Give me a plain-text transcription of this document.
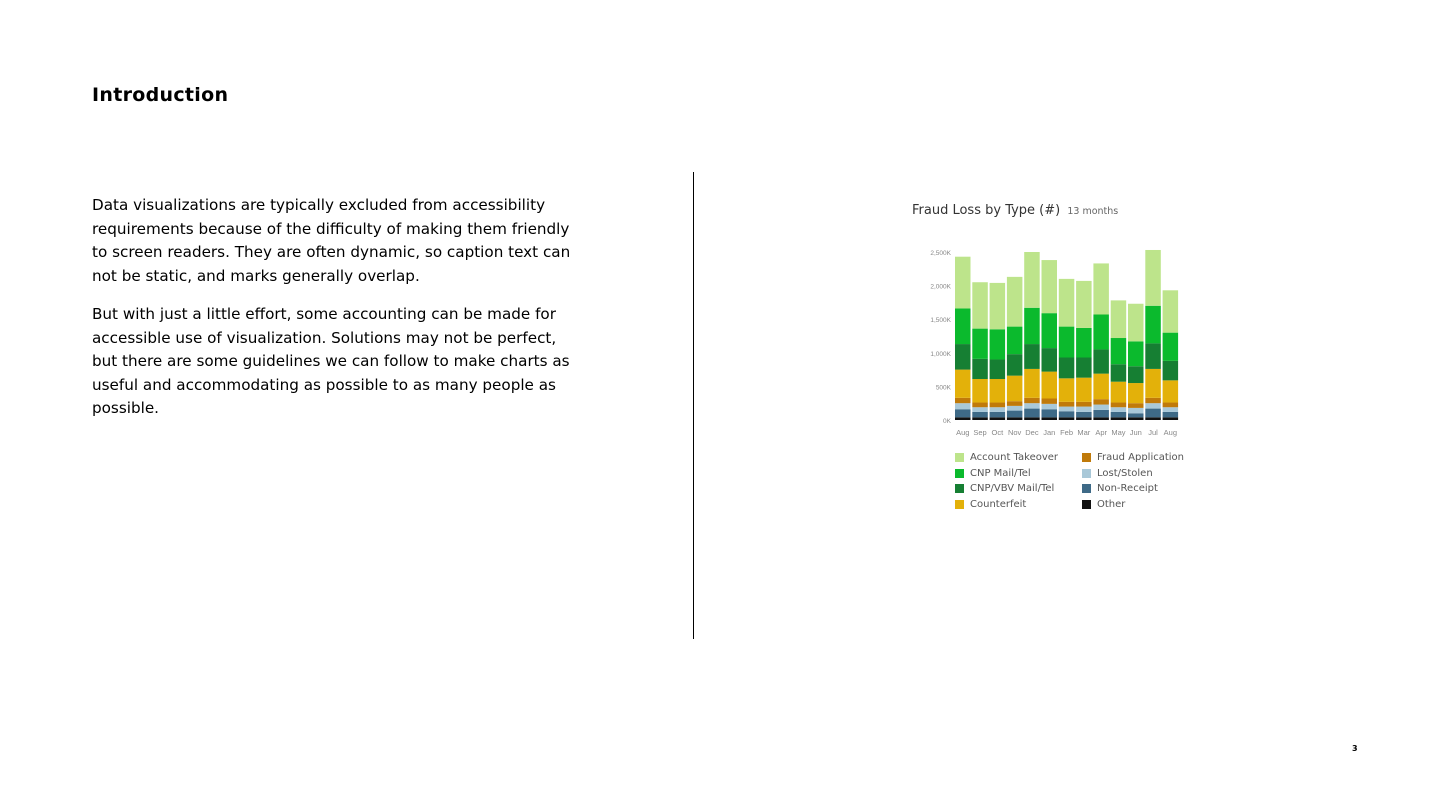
Introduction

Data visualizations are typically excluded from accessibility requirements because of the difficulty of making them friendly to screen readers. They are often dynamic, so caption text can not be static, and marks generally overlap.

But with just a little effort, some accounting can be made for accessible use of visualization. Solutions may not be perfect, but there are some guidelines we can follow to make charts as useful and accommodating as possible to as many people as possible.

Fraud Loss by Type (#) 13 months
0K
500K
1,000K
1,500K
2,000K
2,500K
Aug Sep Oct Nov Dec Jan Feb Mar Apr May Jun Jul Aug
Account Takeover	Fraud Application
CNP Mail/Tel	Lost/Stolen
CNP/VBV Mail/Tel	Non-Receipt
Counterfeit	Other
3
